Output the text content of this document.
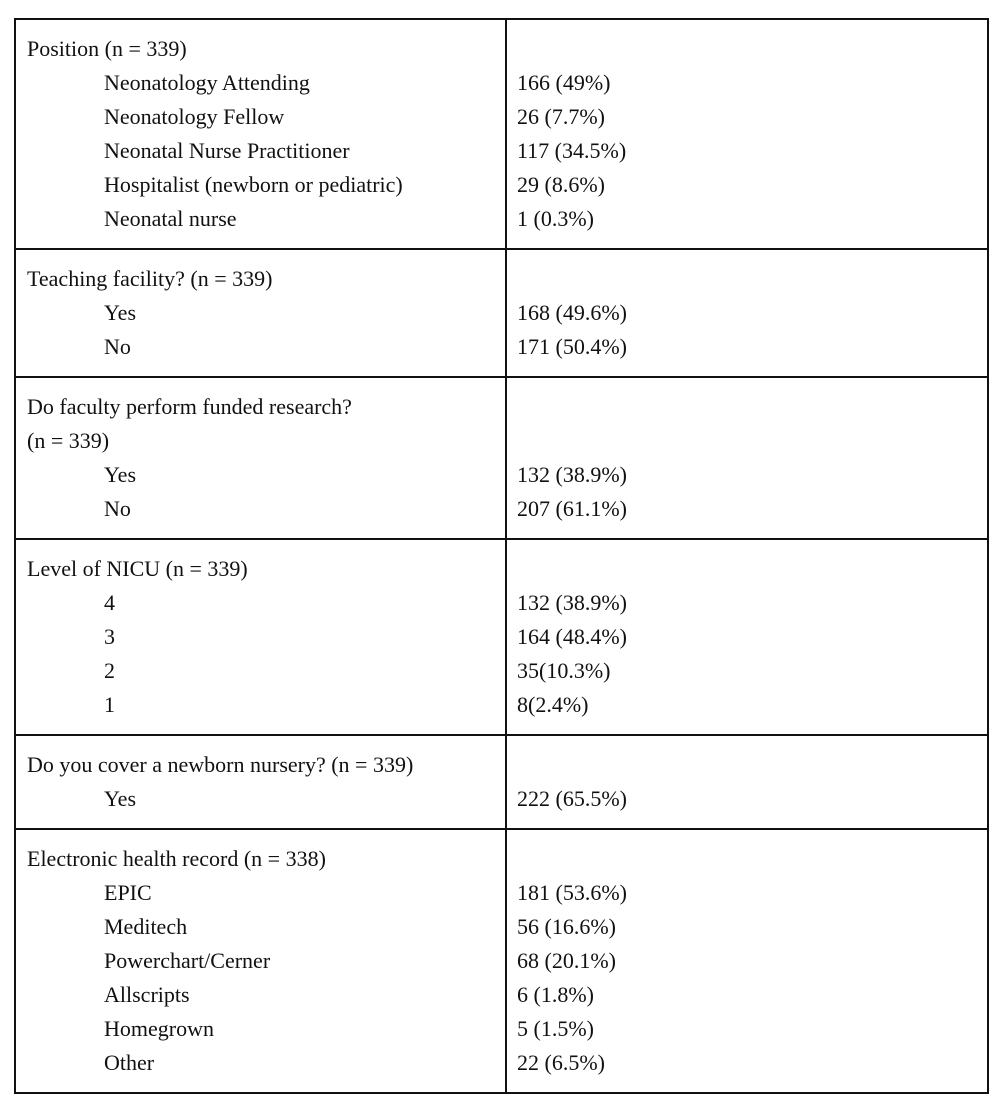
Position (n = 339)
Neonatology Attending
Neonatology Fellow
Neonatal Nurse Practitioner
Hospitalist (newborn or pediatric)
Neonatal nurse
166 (49%)
26 (7.7%)
117 (34.5%)
29 (8.6%)
1 (0.3%)
Teaching facility? (n = 339)
Yes
No
168 (49.6%)
171 (50.4%)
Do faculty perform funded research?
(n = 339)
Yes
No
132 (38.9%)
207 (61.1%)
Level of NICU (n = 339)
4
3
2
1
132 (38.9%)
164 (48.4%)
35(10.3%)
8(2.4%)
Do you cover a newborn nursery? (n = 339)
Yes	222 (65.5%)
Electronic health record (n = 338)
EPIC
Meditech
Powerchart/Cerner
Allscripts
Homegrown
Other
181 (53.6%)
56 (16.6%)
68 (20.1%)
6 (1.8%)
5 (1.5%)
22 (6.5%)
